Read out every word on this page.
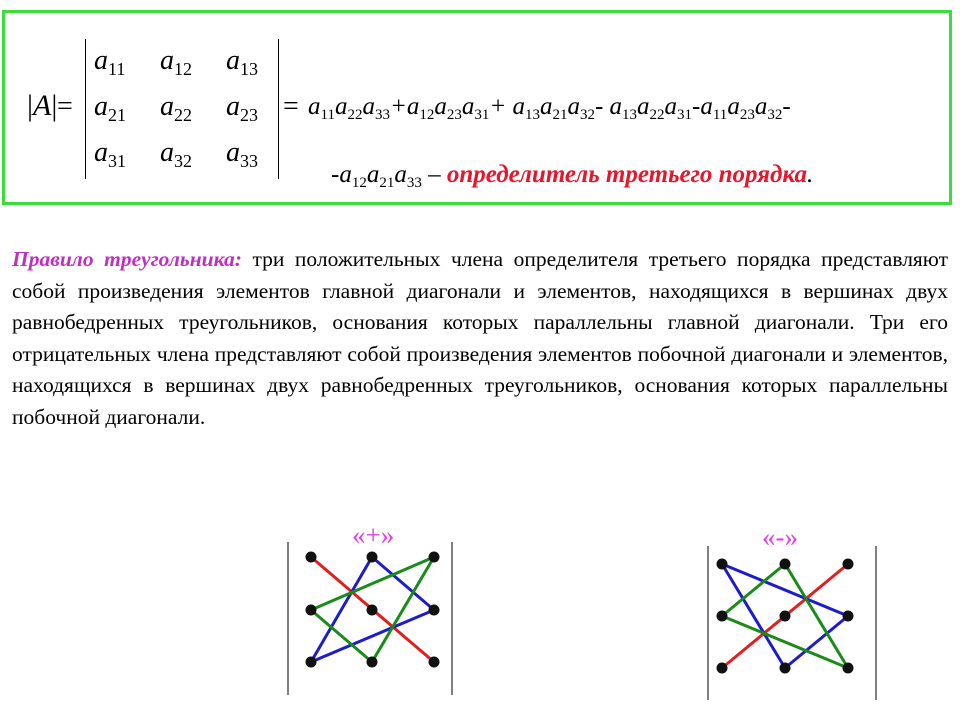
|A| =
$a_{11}$	$a_{12}$	$a_{13}$
$a_{21}$	$a_{22}$	$a_{23}$
$a_{31}$	$a_{32}$	$a_{33}$
= $a_{11}a_{22}a_{33}+a_{12}a_{23}a_{31}+ a_{13}a_{21}a_{32}-$ $a_{13}a_{22}a_{31}-a_{11}a_{23}a_{32}-$
$-a_{12}a_{21}a_{33}$ – определитель третьего порядка.
Правило треугольника: три положительных члена определителя третьего порядка представляют собой произведения элементов главной диагонали и элементов, находящихся в вершинах двух равнобедренных треугольников, основания которых параллельны главной диагонали. Три его отрицательных члена представляют собой произведения элементов побочной диагонали и элементов, находящихся в вершинах двух равнобедренных треугольников, основания которых параллельны побочной диагонали.
«+»	«-»
